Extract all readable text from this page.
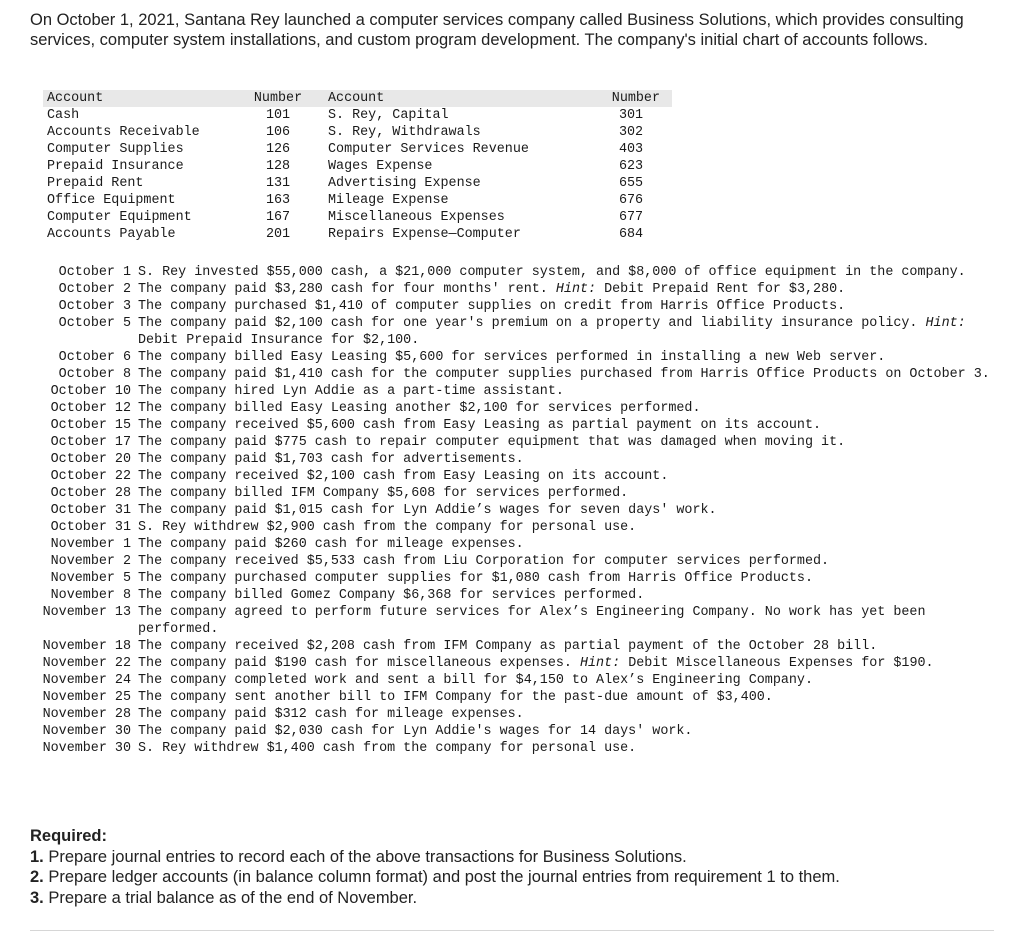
On October 1, 2021, Santana Rey launched a computer services company called Business Solutions, which provides consulting services, computer system installations, and custom program development. The company's initial chart of accounts follows.
Account	Number		Account	Number
Cash	101		S. Rey, Capital	301
Accounts Receivable	106		S. Rey, Withdrawals	302
Computer Supplies	126		Computer Services Revenue	403
Prepaid Insurance	128		Wages Expense	623
Prepaid Rent	131		Advertising Expense	655
Office Equipment	163		Mileage Expense	676
Computer Equipment	167		Miscellaneous Expenses	677
Accounts Payable	201		Repairs Expense—Computer	684
October 1 S. Rey invested $55,000 cash, a $21,000 computer system, and $8,000 of office equipment in the company.
October 2 The company paid $3,280 cash for four months' rent. Hint: Debit Prepaid Rent for $3,280.
October 3 The company purchased $1,410 of computer supplies on credit from Harris Office Products.
October 5 The company paid $2,100 cash for one year's premium on a property and liability insurance policy. Hint: Debit Prepaid Insurance for $2,100.
October 6 The company billed Easy Leasing $5,600 for services performed in installing a new Web server.
October 8 The company paid $1,410 cash for the computer supplies purchased from Harris Office Products on October 3.
October 10 The company hired Lyn Addie as a part-time assistant.
October 12 The company billed Easy Leasing another $2,100 for services performed.
October 15 The company received $5,600 cash from Easy Leasing as partial payment on its account.
October 17 The company paid $775 cash to repair computer equipment that was damaged when moving it.
October 20 The company paid $1,703 cash for advertisements.
October 22 The company received $2,100 cash from Easy Leasing on its account.
October 28 The company billed IFM Company $5,608 for services performed.
October 31 The company paid $1,015 cash for Lyn Addie’s wages for seven days' work.
October 31 S. Rey withdrew $2,900 cash from the company for personal use.
November 1 The company paid $260 cash for mileage expenses.
November 2 The company received $5,533 cash from Liu Corporation for computer services performed.
November 5 The company purchased computer supplies for $1,080 cash from Harris Office Products.
November 8 The company billed Gomez Company $6,368 for services performed.
November 13 The company agreed to perform future services for Alex’s Engineering Company. No work has yet been performed.
November 18 The company received $2,208 cash from IFM Company as partial payment of the October 28 bill.
November 22 The company paid $190 cash for miscellaneous expenses. Hint: Debit Miscellaneous Expenses for $190.
November 24 The company completed work and sent a bill for $4,150 to Alex’s Engineering Company.
November 25 The company sent another bill to IFM Company for the past-due amount of $3,400.
November 28 The company paid $312 cash for mileage expenses.
November 30 The company paid $2,030 cash for Lyn Addie's wages for 14 days' work.
November 30 S. Rey withdrew $1,400 cash from the company for personal use.
Required:
1. Prepare journal entries to record each of the above transactions for Business Solutions.
2. Prepare ledger accounts (in balance column format) and post the journal entries from requirement 1 to them.
3. Prepare a trial balance as of the end of November.
